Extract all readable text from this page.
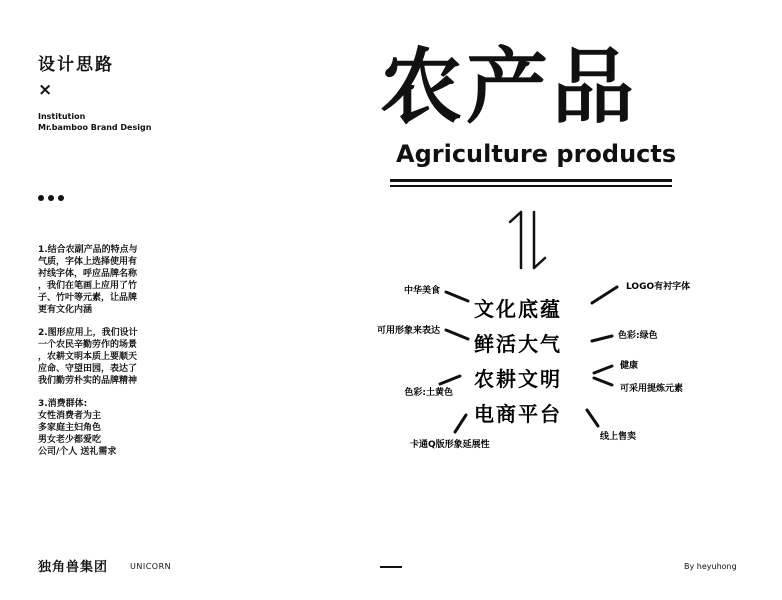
设计思路
×
Institution
Mr.bamboo Brand Design

1.结合农副产品的特点与
气质，字体上选择使用有
衬线字体，呼应品牌名称
，我们在笔画上应用了竹
子、竹叶等元素，让品牌
更有文化内涵

2.图形应用上，我们设计
一个农民辛勤劳作的场景
，农耕文明本质上要顺天
应命、守望田园，表达了
我们勤劳朴实的品牌精神

3.消费群体:
女性消费者为主
多家庭主妇角色
男女老少都爱吃
公司/个人 送礼需求

农产品
Agriculture products
文化底蕴
鲜活大气
农耕文明
电商平台
中华美食
可用形象来表达
色彩:土黄色
卡通Q版形象延展性
LOGO有衬字体
色彩:绿色
健康
可采用提炼元素
线上售卖
独角兽集团	UNICORN	By heyuhong
